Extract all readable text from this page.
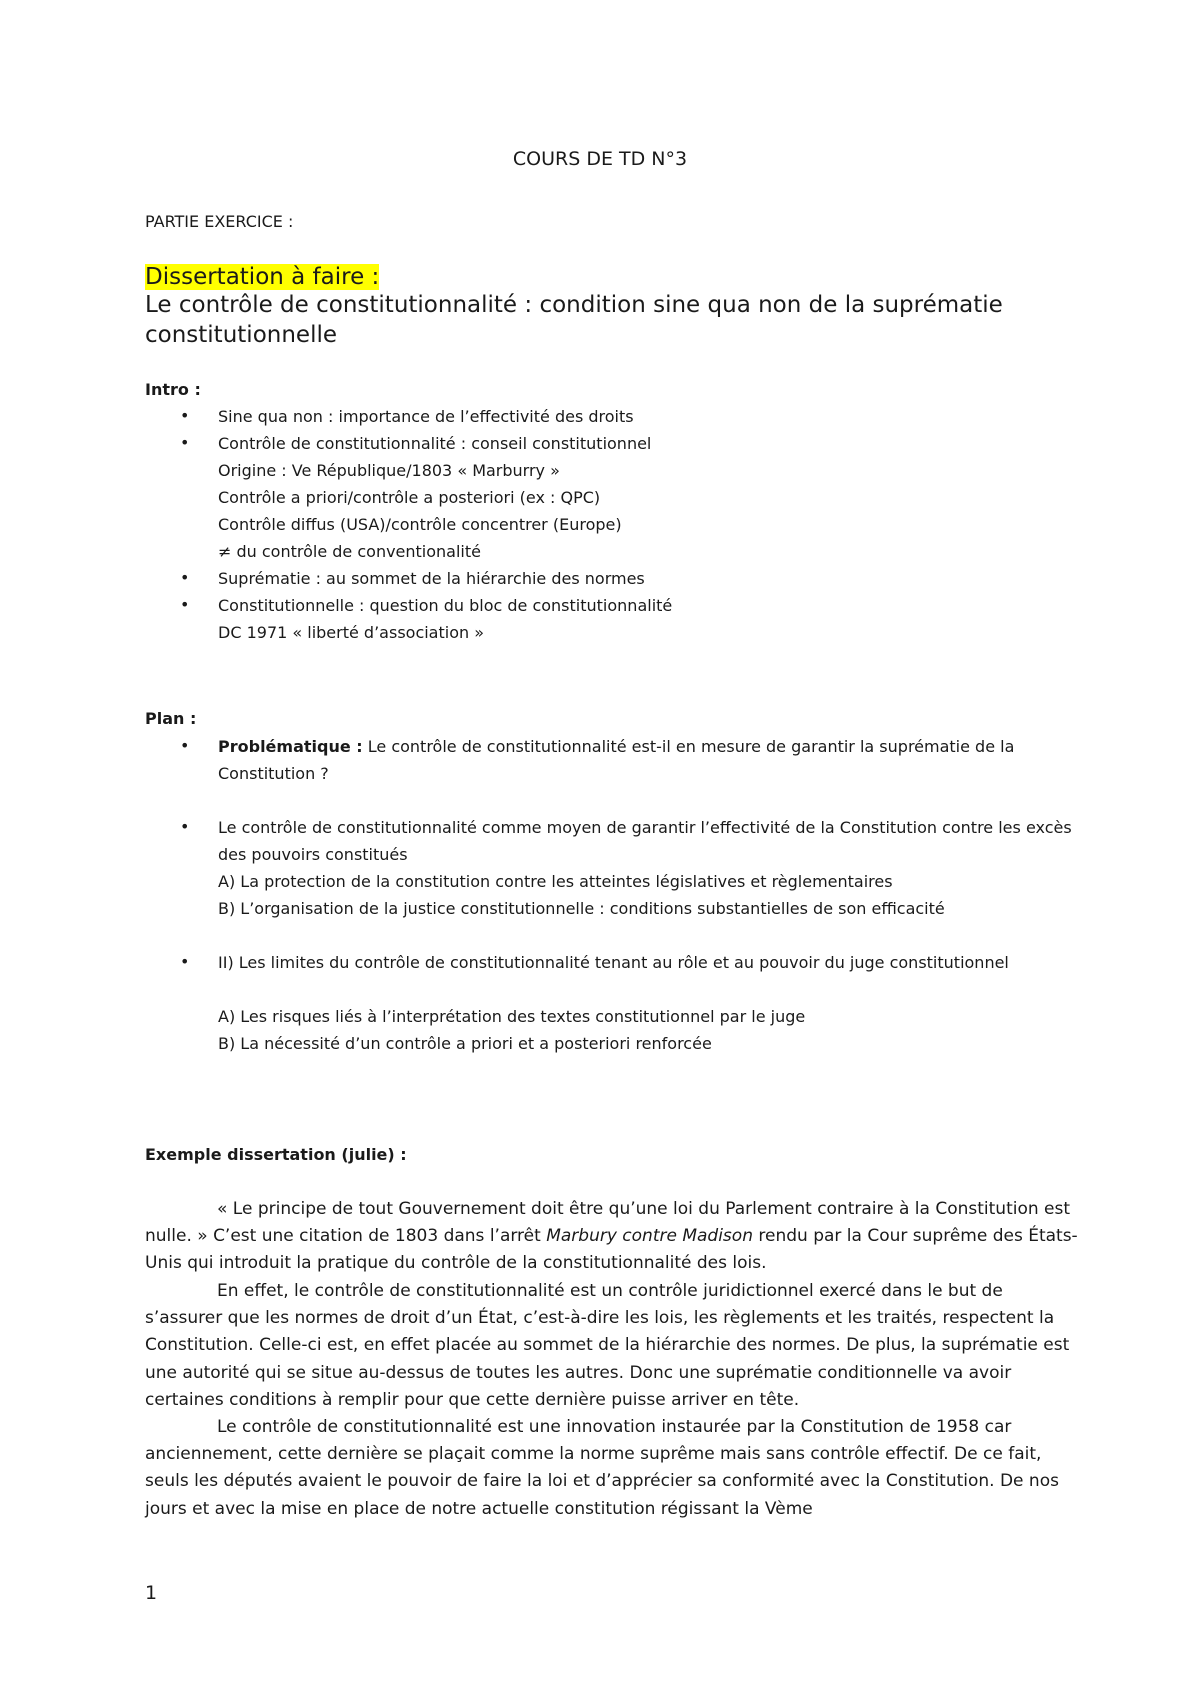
COURS DE TD N°3
PARTIE EXERCICE :
Dissertation à faire :
Le contrôle de constitutionnalité : condition sine qua non de la suprématie constitutionnelle
Intro :
• Sine qua non : importance de l’effectivité des droits
• Contrôle de constitutionnalité : conseil constitutionnel
Origine : Ve République/1803 « Marburry »
Contrôle a priori/contrôle a posteriori (ex : QPC)
Contrôle diffus (USA)/contrôle concentrer (Europe)
≠ du contrôle de conventionalité
• Suprématie : au sommet de la hiérarchie des normes
• Constitutionnelle : question du bloc de constitutionnalité
DC 1971 « liberté d’association »
Plan :
• Problématique : Le contrôle de constitutionnalité est-il en mesure de garantir la suprématie de la Constitution ?
• Le contrôle de constitutionnalité comme moyen de garantir l’effectivité de la Constitution contre les excès des pouvoirs constitués
A) La protection de la constitution contre les atteintes législatives et règlementaires
B) L’organisation de la justice constitutionnelle : conditions substantielles de son efficacité
• II) Les limites du contrôle de constitutionnalité tenant au rôle et au pouvoir du juge constitutionnel
A) Les risques liés à l’interprétation des textes constitutionnel par le juge
B) La nécessité d’un contrôle a priori et a posteriori renforcée
Exemple dissertation (julie) :
« Le principe de tout Gouvernement doit être qu’une loi du Parlement contraire à la Constitution est nulle. » C’est une citation de 1803 dans l’arrêt Marbury contre Madison rendu par la Cour suprême des États-Unis qui introduit la pratique du contrôle de la constitutionnalité des lois.
En effet, le contrôle de constitutionnalité est un contrôle juridictionnel exercé dans le but de s’assurer que les normes de droit d’un État, c’est-à-dire les lois, les règlements et les traités, respectent la Constitution. Celle-ci est, en effet placée au sommet de la hiérarchie des normes. De plus, la suprématie est une autorité qui se situe au-dessus de toutes les autres. Donc une suprématie conditionnelle va avoir certaines conditions à remplir pour que cette dernière puisse arriver en tête.
Le contrôle de constitutionnalité est une innovation instaurée par la Constitution de 1958 car anciennement, cette dernière se plaçait comme la norme suprême mais sans contrôle effectif. De ce fait, seuls les députés avaient le pouvoir de faire la loi et d’apprécier sa conformité avec la Constitution. De nos jours et avec la mise en place de notre actuelle constitution régissant la Vème
1
